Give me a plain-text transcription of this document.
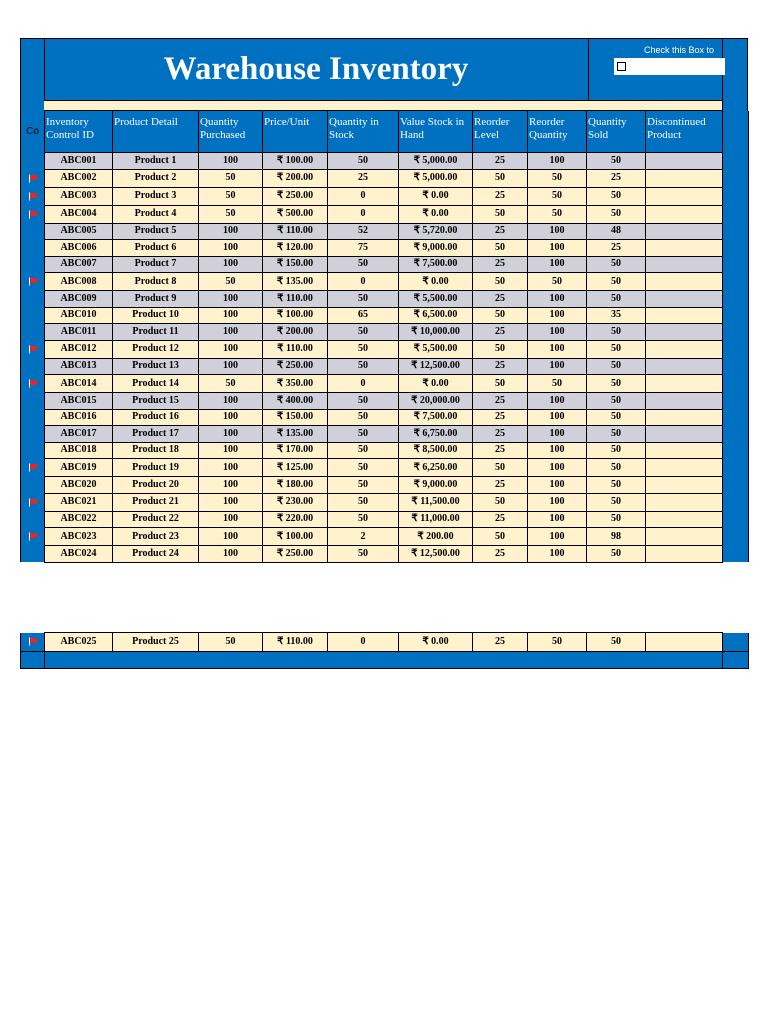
Warehouse Inventory
Check this Box to
Co	Inventory Control ID	Product Detail	Quantity Purchased	Price/Unit	Quantity in Stock	Value Stock in Hand	Reorder Level	Reorder Quantity	Quantity Sold	Discontinued Product	
	ABC001	Product 1	100	₹ 100.00	50	₹ 5,000.00	25	100	50		
	ABC002	Product 2	50	₹ 200.00	25	₹ 5,000.00	50	50	25		
	ABC003	Product 3	50	₹ 250.00	0	₹ 0.00	25	50	50		
	ABC004	Product 4	50	₹ 500.00	0	₹ 0.00	50	50	50		
	ABC005	Product 5	100	₹ 110.00	52	₹ 5,720.00	25	100	48		
	ABC006	Product 6	100	₹ 120.00	75	₹ 9,000.00	50	100	25		
	ABC007	Product 7	100	₹ 150.00	50	₹ 7,500.00	25	100	50		
	ABC008	Product 8	50	₹ 135.00	0	₹ 0.00	50	50	50		
	ABC009	Product 9	100	₹ 110.00	50	₹ 5,500.00	25	100	50		
	ABC010	Product 10	100	₹ 100.00	65	₹ 6,500.00	50	100	35		
	ABC011	Product 11	100	₹ 200.00	50	₹ 10,000.00	25	100	50		
	ABC012	Product 12	100	₹ 110.00	50	₹ 5,500.00	50	100	50		
	ABC013	Product 13	100	₹ 250.00	50	₹ 12,500.00	25	100	50		
	ABC014	Product 14	50	₹ 350.00	0	₹ 0.00	50	50	50		
	ABC015	Product 15	100	₹ 400.00	50	₹ 20,000.00	25	100	50		
	ABC016	Product 16	100	₹ 150.00	50	₹ 7,500.00	25	100	50		
	ABC017	Product 17	100	₹ 135.00	50	₹ 6,750.00	25	100	50		
	ABC018	Product 18	100	₹ 170.00	50	₹ 8,500.00	25	100	50		
	ABC019	Product 19	100	₹ 125.00	50	₹ 6,250.00	50	100	50		
	ABC020	Product 20	100	₹ 180.00	50	₹ 9,000.00	25	100	50		
	ABC021	Product 21	100	₹ 230.00	50	₹ 11,500.00	50	100	50		
	ABC022	Product 22	100	₹ 220.00	50	₹ 11,000.00	25	100	50		
	ABC023	Product 23	100	₹ 100.00	2	₹ 200.00	50	100	98		
	ABC024	Product 24	100	₹ 250.00	50	₹ 12,500.00	25	100	50		
	ABC025	Product 25	50	₹ 110.00	0	₹ 0.00	25	50	50		
